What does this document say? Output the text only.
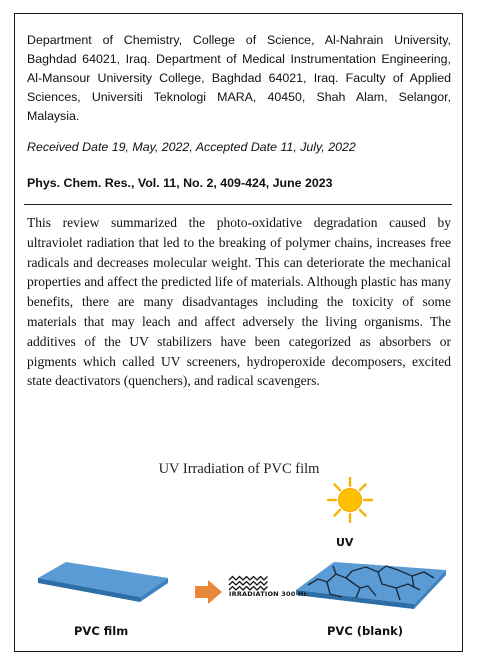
Department of Chemistry, College of Science, Al-Nahrain University, Baghdad 64021, Iraq. Department of Medical Instrumentation Engineering, Al-Mansour University College, Baghdad 64021, Iraq. Faculty of Applied Sciences, Universiti Teknologi MARA, 40450, Shah Alam, Selangor, Malaysia.

Received Date 19, May, 2022, Accepted Date 11, July, 2022

Phys. Chem. Res., Vol. 11, No. 2, 409-424, June 2023

This review summarized the photo-oxidative degradation caused by ultraviolet radiation that led to the breaking of polymer chains, increases free radicals and decreases molecular weight. This can deteriorate the mechanical properties and affect the predicted life of materials. Although plastic has many benefits, there are many disadvantages including the toxicity of some materials that may leach and affect adversely the living organisms. The additives of the UV stabilizers have been categorized as absorbers or pigments which called UV screeners, hydroperoxide decomposers, excited state deactivators (quenchers), and radical scavengers.

UV Irradiation of PVC film

UV

IRRADIATION 300 Hr.

PVC film	PVC (blank)
